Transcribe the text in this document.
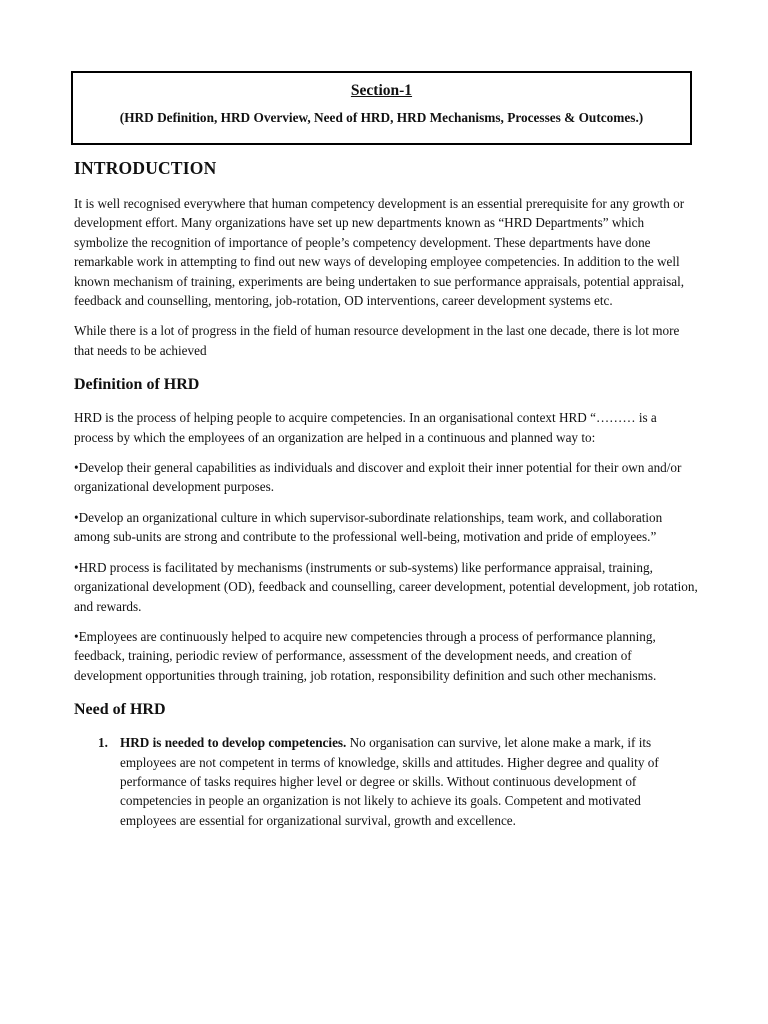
Section-1
(HRD Definition, HRD Overview, Need of HRD, HRD Mechanisms, Processes & Outcomes.)
INTRODUCTION

It is well recognised everywhere that human competency development is an essential prerequisite for any growth or development effort. Many organizations have set up new departments known as “HRD Departments” which symbolize the recognition of importance of people’s competency development. These departments have done remarkable work in attempting to find out new ways of developing employee competencies. In addition to the well known mechanism of training, experiments are being undertaken to sue performance appraisals, potential appraisal, feedback and counselling, mentoring, job-rotation, OD interventions, career development systems etc.

While there is a lot of progress in the field of human resource development in the last one decade, there is lot more that needs to be achieved

Definition of HRD

HRD is the process of helping people to acquire competencies. In an organisational context HRD “……… is a process by which the employees of an organization are helped in a continuous and planned way to:

•Develop their general capabilities as individuals and discover and exploit their inner potential for their own and/or organizational development purposes.

•Develop an organizational culture in which supervisor-subordinate relationships, team work, and collaboration among sub-units are strong and contribute to the professional well-being, motivation and pride of employees.”

•HRD process is facilitated by mechanisms (instruments or sub-systems) like performance appraisal, training, organizational development (OD), feedback and counselling, career development, potential development, job rotation, and rewards.

•Employees are continuously helped to acquire new competencies through a process of performance planning, feedback, training, periodic review of performance, assessment of the development needs, and creation of development opportunities through training, job rotation, responsibility definition and such other mechanisms.

Need of HRD
1. HRD is needed to develop competencies. No organisation can survive, let alone make a mark, if its employees are not competent in terms of knowledge, skills and attitudes. Higher degree and quality of performance of tasks requires higher level or degree or skills. Without continuous development of competencies in people an organization is not likely to achieve its goals. Competent and motivated employees are essential for organizational survival, growth and excellence.
